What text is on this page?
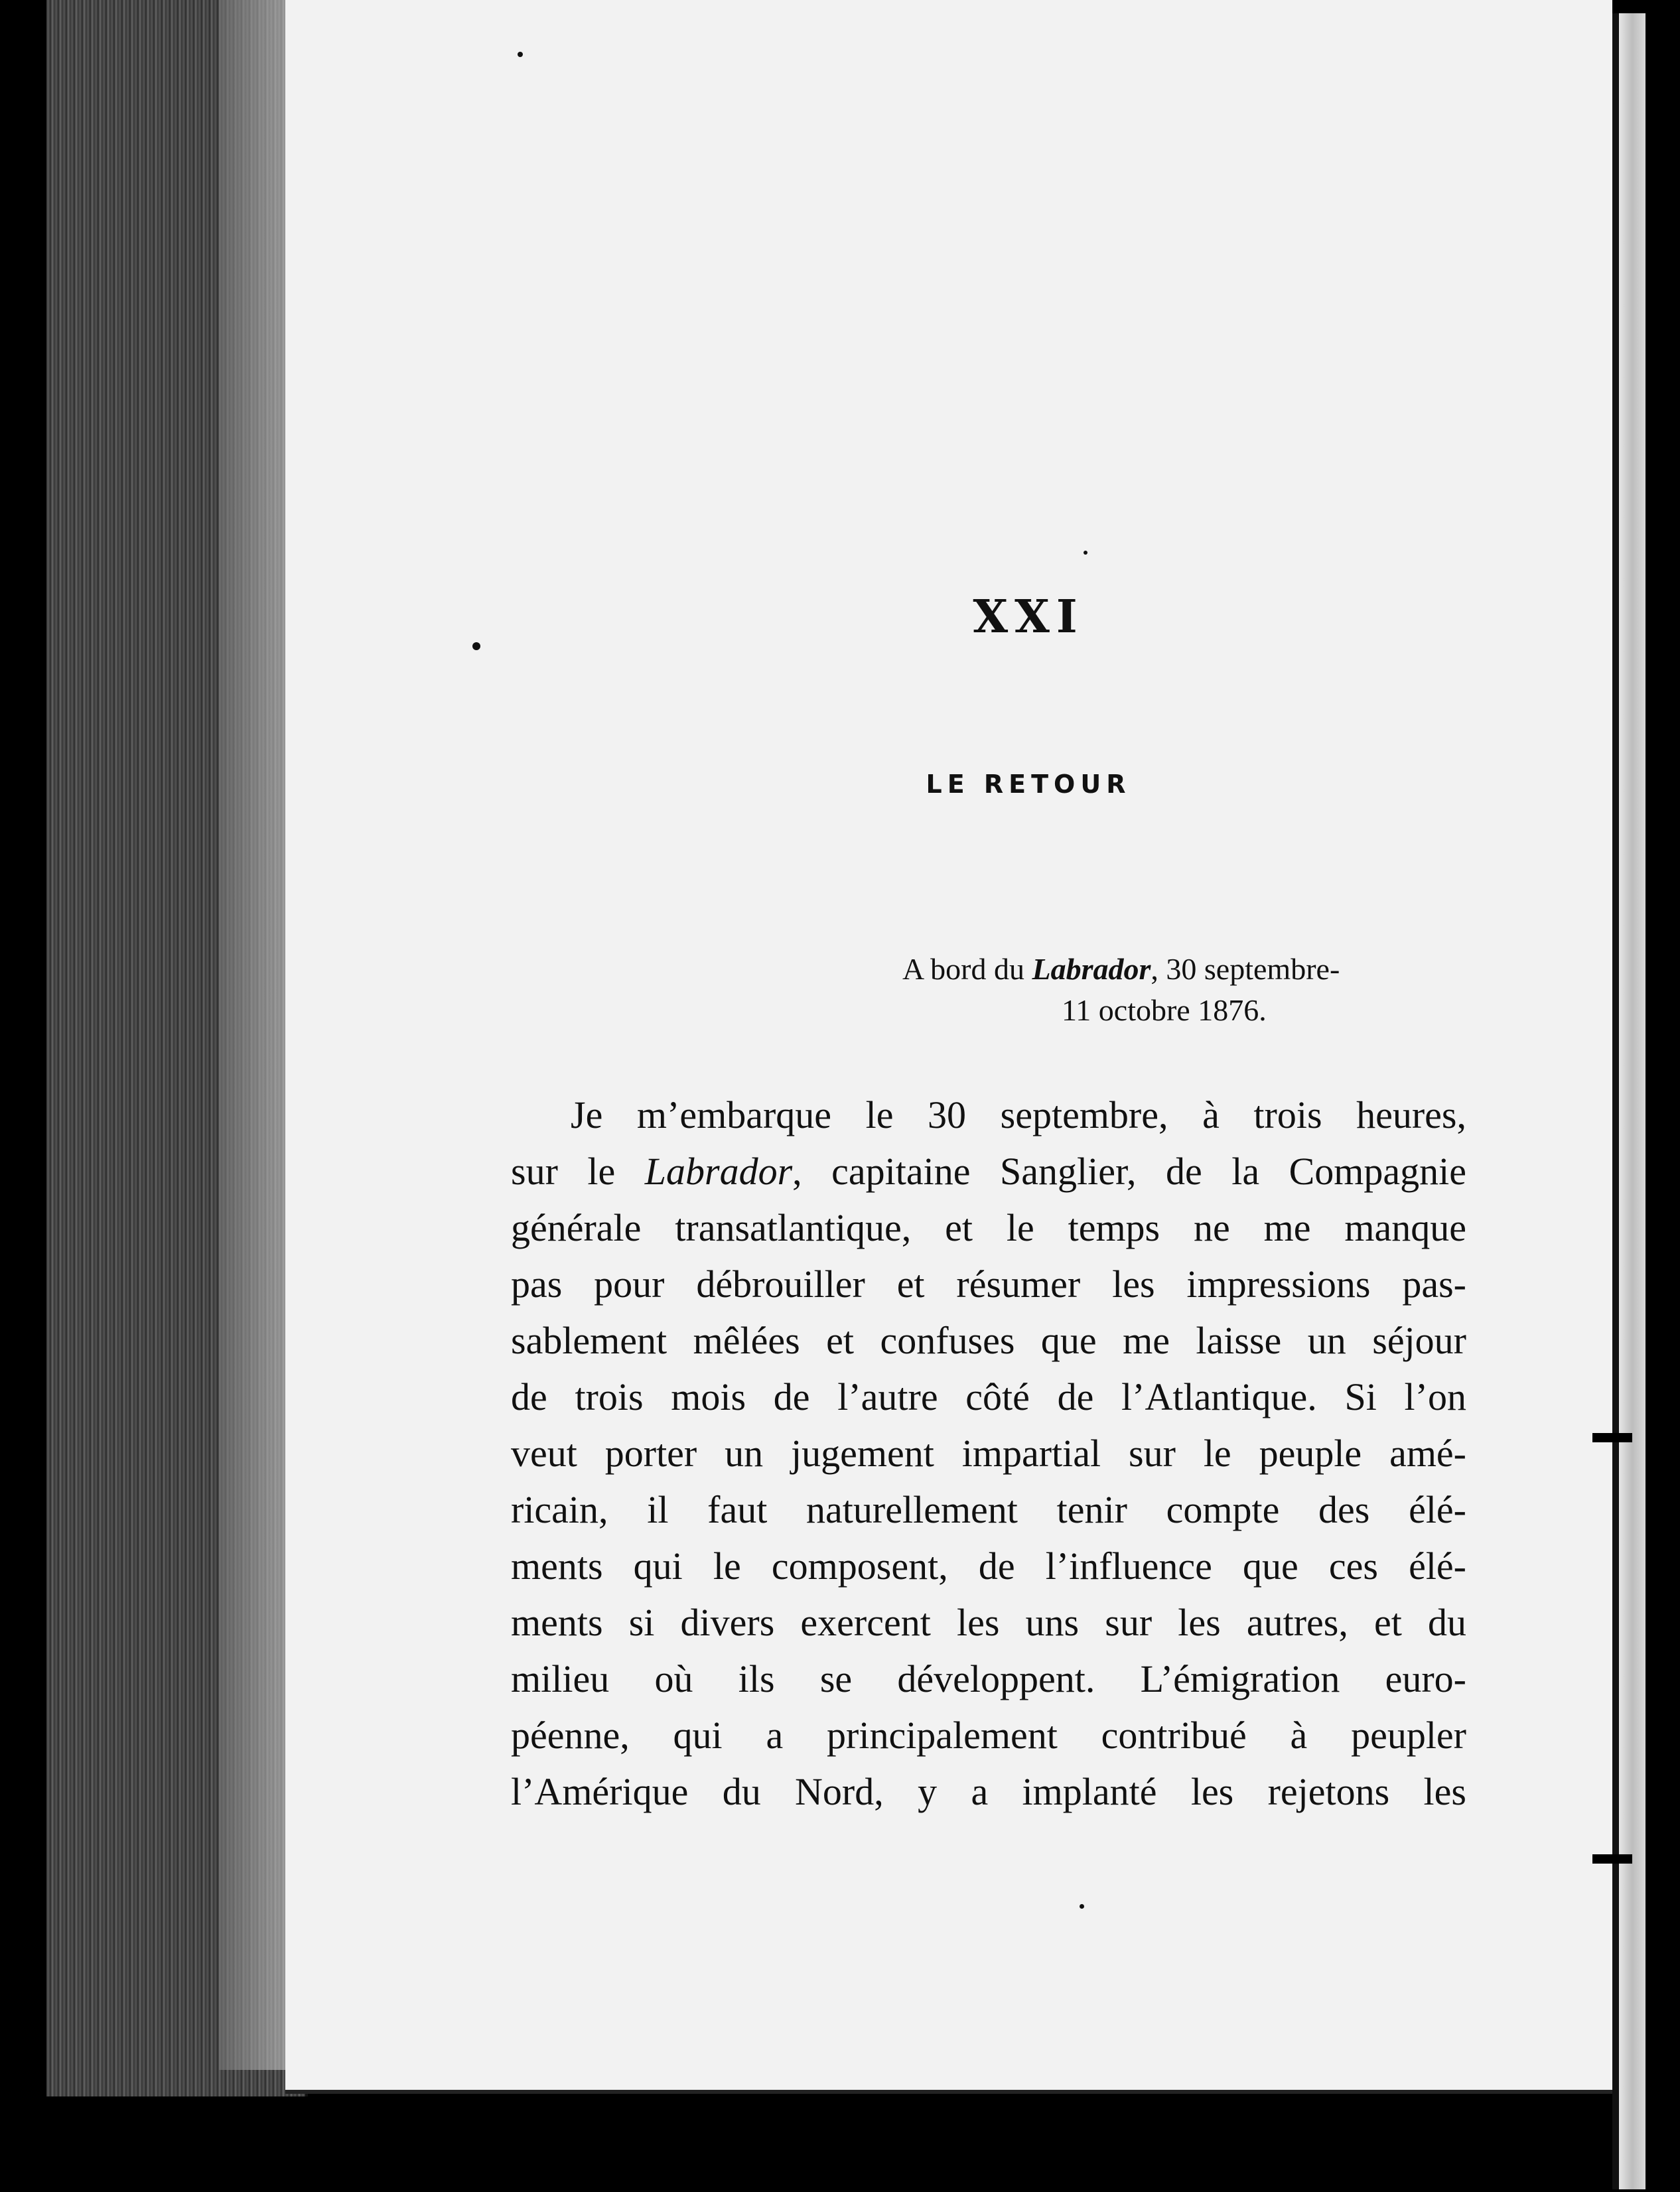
XXI
LE RETOUR
A bord du Labrador, 30 septembre-
11 octobre 1876.
Je m’embarque le 30 septembre, à trois heures,
sur le Labrador, capitaine Sanglier, de la Compagnie
générale transatlantique, et le temps ne me manque
pas pour débrouiller et résumer les impressions pas-
sablement mêlées et confuses que me laisse un séjour
de trois mois de l’autre côté de l’Atlantique. Si l’on
veut porter un jugement impartial sur le peuple amé-
ricain, il faut naturellement tenir compte des élé-
ments qui le composent, de l’influence que ces élé-
ments si divers exercent les uns sur les autres, et du
milieu où ils se développent. L’émigration euro-
péenne, qui a principalement contribué à peupler
l’Amérique du Nord, y a implanté les rejetons les
